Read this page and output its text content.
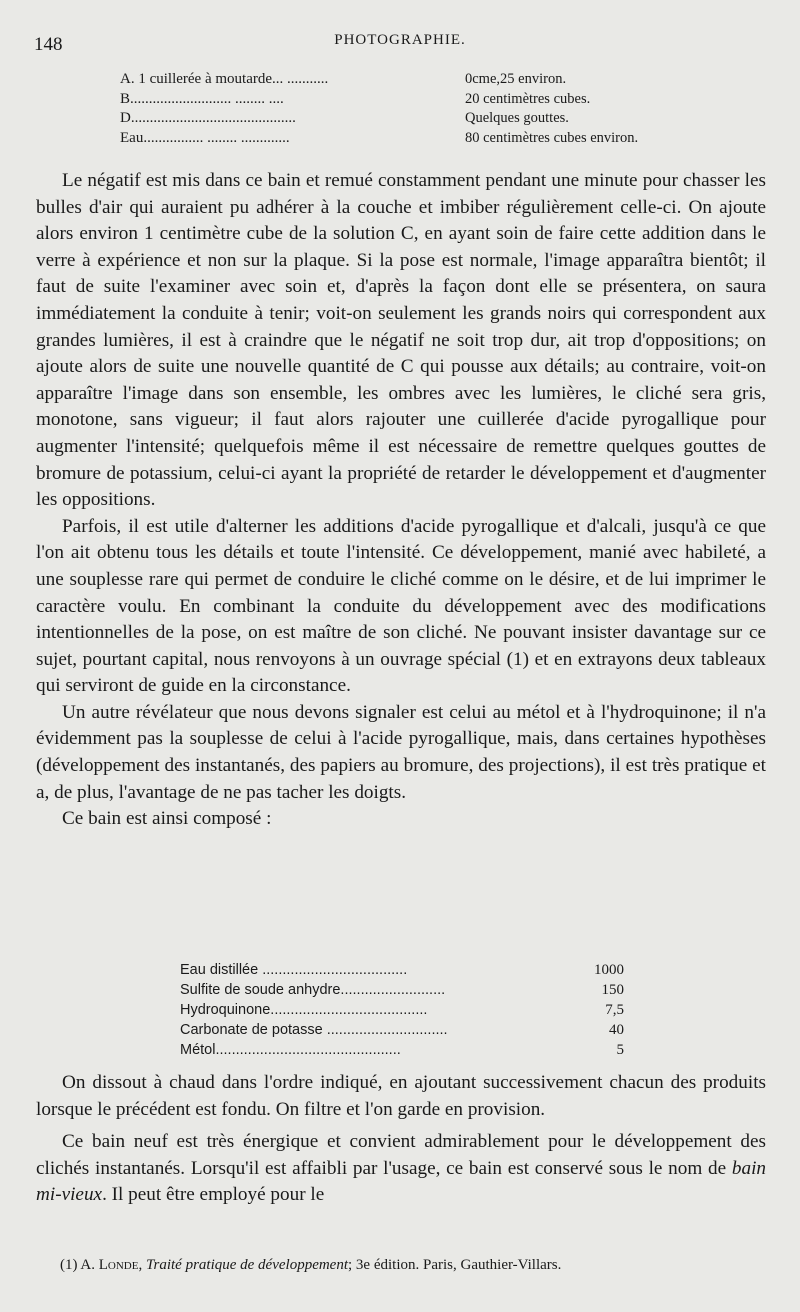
148	PHOTOGRAPHIE.
A. 1 cuillerée à moutarde... ...........	0cme,25 environ.
B........................... ........ ....	20 centimètres cubes.
D............................................	Quelques gouttes.
Eau................ ........ .............	80 centimètres cubes environ.

Le négatif est mis dans ce bain et remué constamment pendant une minute pour chasser les bulles d'air qui auraient pu adhérer à la couche et imbiber régulièrement celle-ci. On ajoute alors environ 1 centimètre cube de la solution C, en ayant soin de faire cette addition dans le verre à expérience et non sur la plaque. Si la pose est normale, l'image apparaîtra bientôt; il faut de suite l'examiner avec soin et, d'après la façon dont elle se présentera, on saura immédiatement la conduite à tenir; voit-on seulement les grands noirs qui correspondent aux grandes lumières, il est à craindre que le négatif ne soit trop dur, ait trop d'oppositions; on ajoute alors de suite une nouvelle quantité de C qui pousse aux détails; au contraire, voit-on apparaître l'image dans son ensemble, les ombres avec les lumières, le cliché sera gris, monotone, sans vigueur; il faut alors rajouter une cuillerée d'acide pyrogallique pour augmenter l'intensité; quelquefois même il est nécessaire de remettre quelques gouttes de bromure de potassium, celui-ci ayant la propriété de retarder le développement et d'augmenter les oppositions.

Parfois, il est utile d'alterner les additions d'acide pyrogallique et d'alcali, jusqu'à ce que l'on ait obtenu tous les détails et toute l'intensité. Ce développement, manié avec habileté, a une souplesse rare qui permet de conduire le cliché comme on le désire, et de lui imprimer le caractère voulu. En combinant la conduite du développement avec des modifications intentionnelles de la pose, on est maître de son cliché. Ne pouvant insister davantage sur ce sujet, pourtant capital, nous renvoyons à un ouvrage spécial (1) et en extrayons deux tableaux qui serviront de guide en la circonstance.

Un autre révélateur que nous devons signaler est celui au métol et à l'hydroquinone; il n'a évidemment pas la souplesse de celui à l'acide pyrogallique, mais, dans certaines hypothèses (développement des instantanés, des papiers au bromure, des projections), il est très pratique et a, de plus, l'avantage de ne pas tacher les doigts.

Ce bain est ainsi composé :

Eau distillée ....................................	1000
Sulfite de soude anhydre..........................	150
Hydroquinone.......................................	7,5
Carbonate de potasse ..............................	40
Métol..............................................	5

On dissout à chaud dans l'ordre indiqué, en ajoutant successivement chacun des produits lorsque le précédent est fondu. On filtre et l'on garde en provision.

Ce bain neuf est très énergique et convient admirablement pour le développement des clichés instantanés. Lorsqu'il est affaibli par l'usage, ce bain est conservé sous le nom de bain mi-vieux. Il peut être employé pour le

(1) A. Londe, Traité pratique de développement; 3e édition. Paris, Gauthier-Villars.
